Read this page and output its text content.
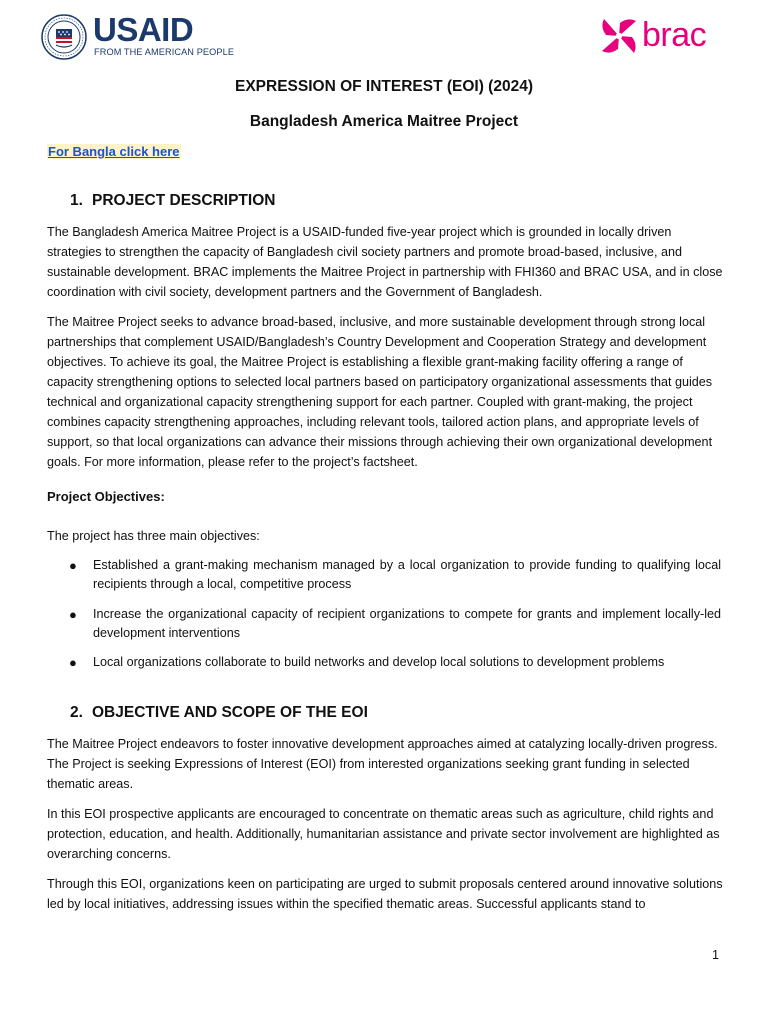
USAID
FROM THE AMERICAN PEOPLE	brac
EXPRESSION OF INTEREST (EOI) (2024)
Bangladesh America Maitree Project
For Bangla click here
1. PROJECT DESCRIPTION

The Bangladesh America Maitree Project is a USAID-funded five-year project which is grounded in locally driven strategies to strengthen the capacity of Bangladesh civil society partners and promote broad-based, inclusive, and sustainable development. BRAC implements the Maitree Project in partnership with FHI360 and BRAC USA, and in close coordination with civil society, development partners and the Government of Bangladesh.

The Maitree Project seeks to advance broad-based, inclusive, and more sustainable development through strong local partnerships that complement USAID/Bangladesh’s Country Development and Cooperation Strategy and development objectives. To achieve its goal, the Maitree Project is establishing a flexible grant-making facility offering a range of capacity strengthening options to selected local partners based on participatory organizational assessments that guides technical and organizational capacity strengthening support for each partner. Coupled with grant-making, the project combines capacity strengthening approaches, including relevant tools, tailored action plans, and appropriate levels of support, so that local organizations can advance their missions through achieving their own organizational development goals. For more information, please refer to the project’s factsheet.

Project Objectives:

The project has three main objectives:

● Established a grant-making mechanism managed by a local organization to provide funding to qualifying local recipients through a local, competitive process
● Increase the organizational capacity of recipient organizations to compete for grants and implement locally-led development interventions
● Local organizations collaborate to build networks and develop local solutions to development problems
2. OBJECTIVE AND SCOPE OF THE EOI

The Maitree Project endeavors to foster innovative development approaches aimed at catalyzing locally-driven progress. The Project is seeking Expressions of Interest (EOI) from interested organizations seeking grant funding in selected thematic areas.

In this EOI prospective applicants are encouraged to concentrate on thematic areas such as agriculture, child rights and protection, education, and health. Additionally, humanitarian assistance and private sector involvement are highlighted as overarching concerns.

Through this EOI, organizations keen on participating are urged to submit proposals centered around innovative solutions led by local initiatives, addressing issues within the specified thematic areas. Successful applicants stand to

1
